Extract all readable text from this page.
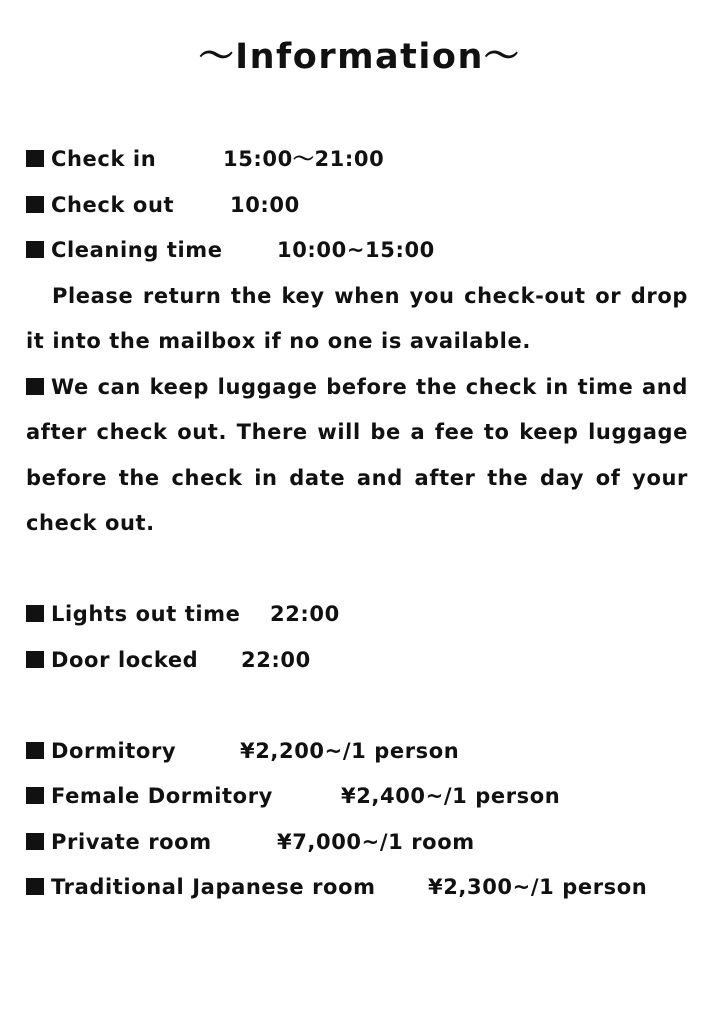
〜Information〜
Check in	15:00〜21:00
Check out	10:00
Cleaning time	10:00~15:00
Please return the key when you check-out or drop it into the mailbox if no one is available.
We can keep luggage before the check in time and after check out. There will be a fee to keep luggage before the check in date and after the day of your check out.
Lights out time 22:00
Door locked 22:00
Dormitory	¥2,200~/1 person
Female Dormitory	¥2,400~/1 person
Private room	¥7,000~/1 room
Traditional Japanese room ¥2,300~/1 person
